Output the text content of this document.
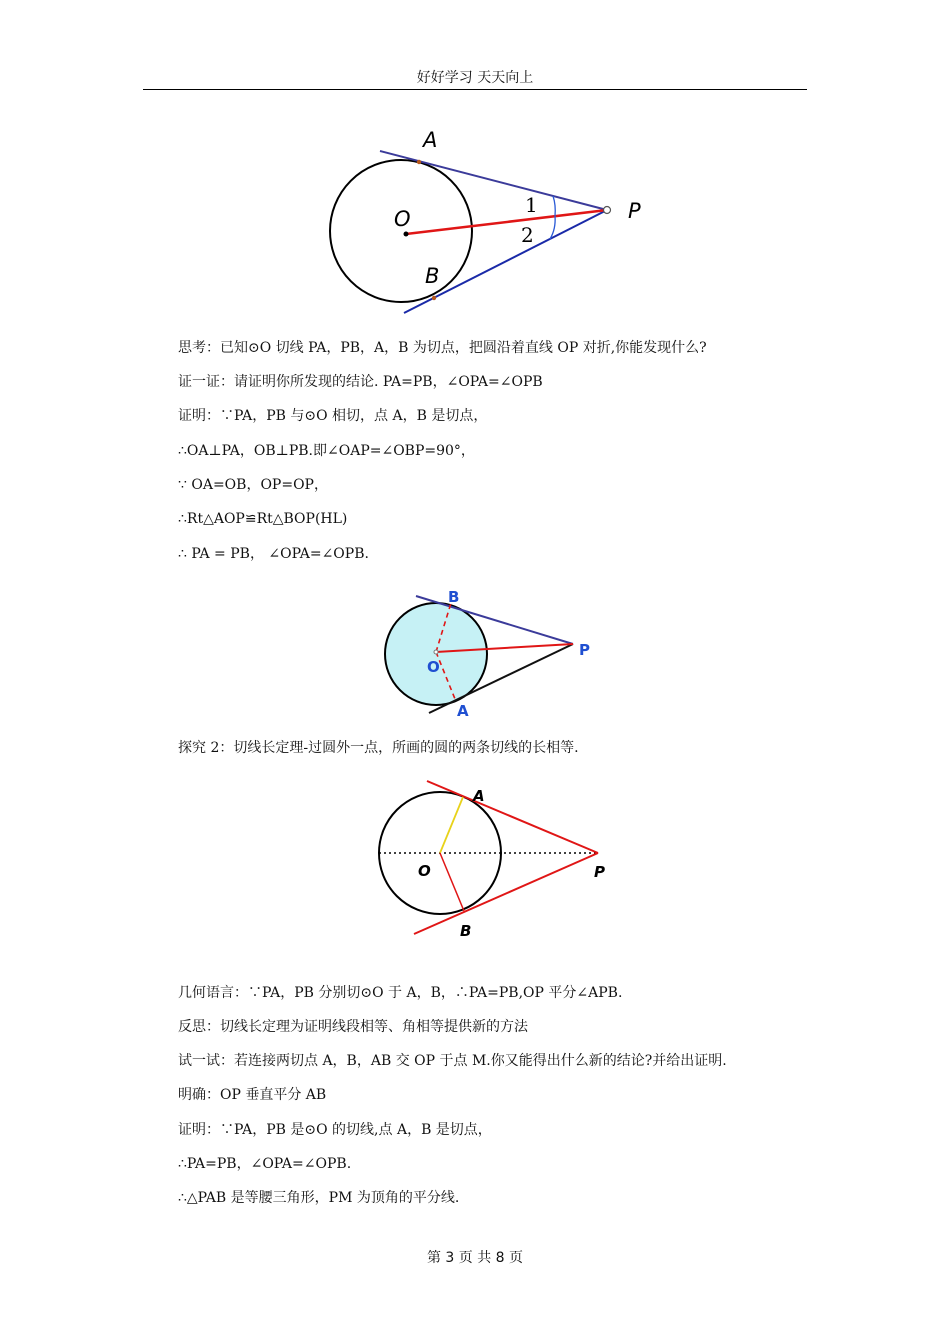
好好学习 天天向上
A
O
B
P
1
2
思考：已知⊙O 切线 PA，PB，A，B 为切点，把圆沿着直线 OP 对折,你能发现什么?
证一证：请证明你所发现的结论. PA=PB，∠OPA=∠OPB
证明：∵PA，PB 与⊙O 相切，点 A，B 是切点，
∴OA⊥PA，OB⊥PB.即∠OAP=∠OBP=90°，
∵ OA=OB，OP=OP，
∴Rt△AOP≌Rt△BOP(HL)
∴ PA = PB， ∠OPA=∠OPB.
B
O
P
A
探究 2：切线长定理-过圆外一点，所画的圆的两条切线的长相等.
A
O	P
B
几何语言：∵PA，PB 分别切⊙O 于 A，B，∴PA=PB,OP 平分∠APB.
反思：切线长定理为证明线段相等、角相等提供新的方法
试一试：若连接两切点 A，B，AB 交 OP 于点 M.你又能得出什么新的结论?并给出证明.
明确：OP 垂直平分 AB
证明：∵PA，PB 是⊙O 的切线,点 A，B 是切点，
∴PA=PB，∠OPA=∠OPB.
∴△PAB 是等腰三角形，PM 为顶角的平分线.
第 3 页 共 8 页
